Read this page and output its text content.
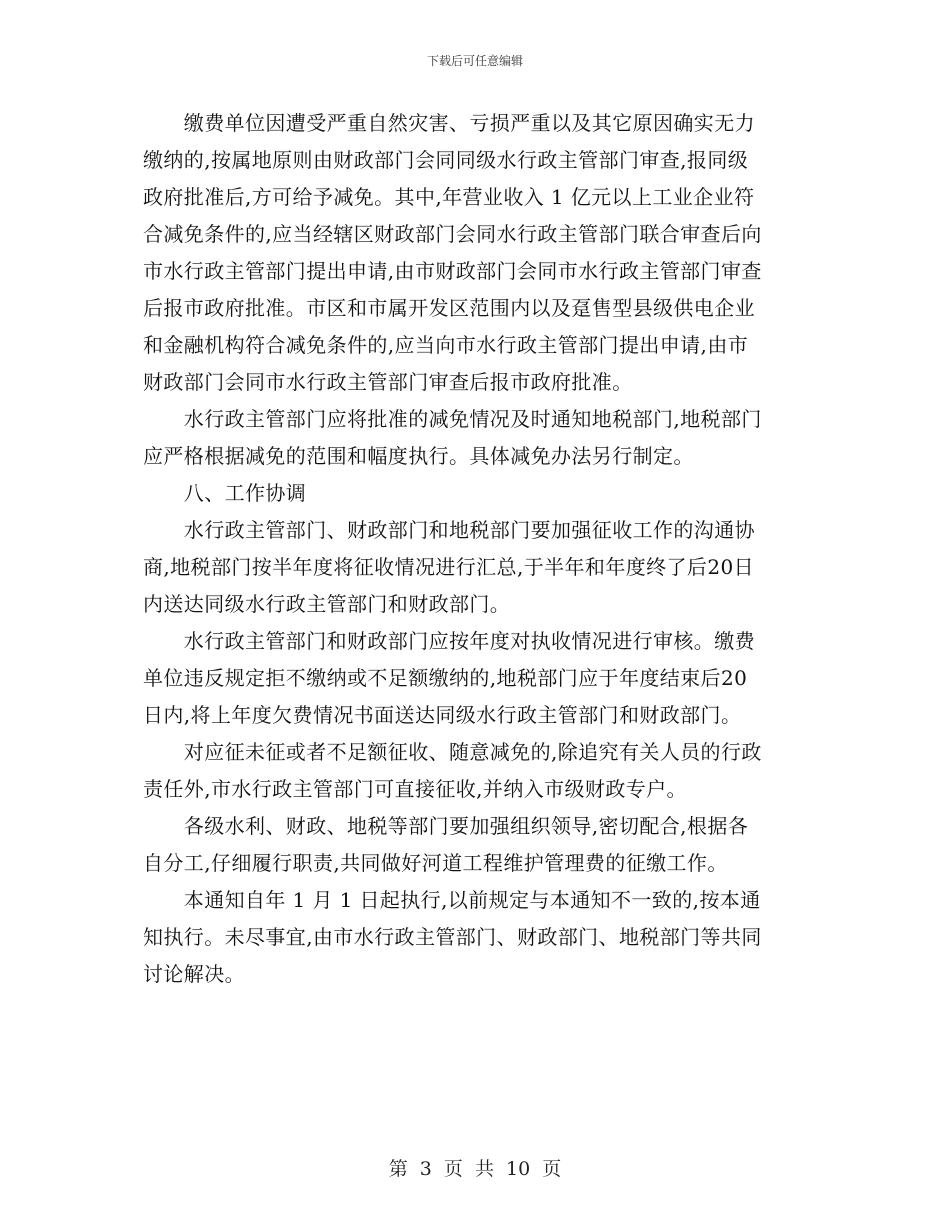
下载后可任意编辑
　　缴费单位因遭受严重自然灾害、亏损严重以及其它原因确实无力
缴纳的,按属地原则由财政部门会同同级水行政主管部门审查,报同级
政府批准后,方可给予减免。其中,年营业收入 1 亿元以上工业企业符
合减免条件的,应当经辖区财政部门会同水行政主管部门联合审查后向
市水行政主管部门提出申请,由市财政部门会同市水行政主管部门审查
后报市政府批准。市区和市属开发区范围内以及趸售型县级供电企业
和金融机构符合减免条件的,应当向市水行政主管部门提出申请,由市
财政部门会同市水行政主管部门审查后报市政府批准。
　　水行政主管部门应将批准的减免情况及时通知地税部门,地税部门
应严格根据减免的范围和幅度执行。具体减免办法另行制定。
　　八、工作协调
　　水行政主管部门、财政部门和地税部门要加强征收工作的沟通协
商,地税部门按半年度将征收情况进行汇总,于半年和年度终了后20日
内送达同级水行政主管部门和财政部门。
　　水行政主管部门和财政部门应按年度对执收情况进行审核。缴费
单位违反规定拒不缴纳或不足额缴纳的,地税部门应于年度结束后20
日内,将上年度欠费情况书面送达同级水行政主管部门和财政部门。
　　对应征未征或者不足额征收、随意减免的,除追究有关人员的行政
责任外,市水行政主管部门可直接征收,并纳入市级财政专户。
　　各级水利、财政、地税等部门要加强组织领导,密切配合,根据各
自分工,仔细履行职责,共同做好河道工程维护管理费的征缴工作。
　　本通知自年 1 月 1 日起执行,以前规定与本通知不一致的,按本通
知执行。未尽事宜,由市水行政主管部门、财政部门、地税部门等共同
讨论解决。
第 3 页 共 10 页
